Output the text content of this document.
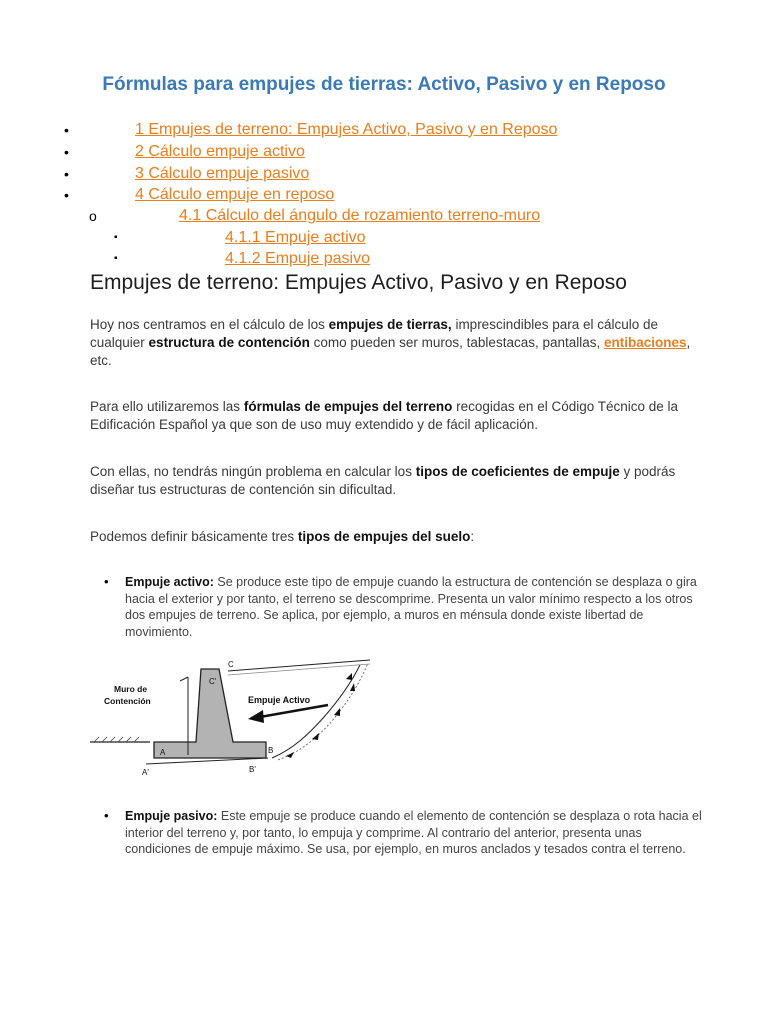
Fórmulas para empujes de tierras: Activo, Pasivo y en Reposo
•	1 Empujes de terreno: Empujes Activo, Pasivo y en Reposo
•	2 Cálculo empuje activo
•	3 Cálculo empuje pasivo
•	4 Cálculo empuje en reposo
o	4.1 Cálculo del ángulo de rozamiento terreno-muro
▪	4.1.1 Empuje activo
▪	4.1.2 Empuje pasivo
Empujes de terreno: Empujes Activo, Pasivo y en Reposo

Hoy nos centramos en el cálculo de los empujes de tierras, imprescindibles para el cálculo de cualquier estructura de contención como pueden ser muros, tablestacas, pantallas, entibaciones, etc.

Para ello utilizaremos las fórmulas de empujes del terreno recogidas en el Código Técnico de la Edificación Español ya que son de uso muy extendido y de fácil aplicación.

Con ellas, no tendrás ningún problema en calcular los tipos de coeficientes de empuje y podrás diseñar tus estructuras de contención sin dificultad.

Podemos definir básicamente tres tipos de empujes del suelo:

• Empuje activo: Se produce este tipo de empuje cuando la estructura de contención se desplaza o gira hacia el exterior y por tanto, el terreno se descomprime. Presenta un valor mínimo respecto a los otros dos empujes de terreno. Se aplica, por ejemplo, a muros en ménsula donde existe libertad de movimiento.

Muro de
Contención	Empuje Activo
A
A'
B
B'
C
C'
• Empuje pasivo: Este empuje se produce cuando el elemento de contención se desplaza o rota hacia el interior del terreno y, por tanto, lo empuja y comprime. Al contrario del anterior, presenta unas condiciones de empuje máximo. Se usa, por ejemplo, en muros anclados y tesados contra el terreno.
